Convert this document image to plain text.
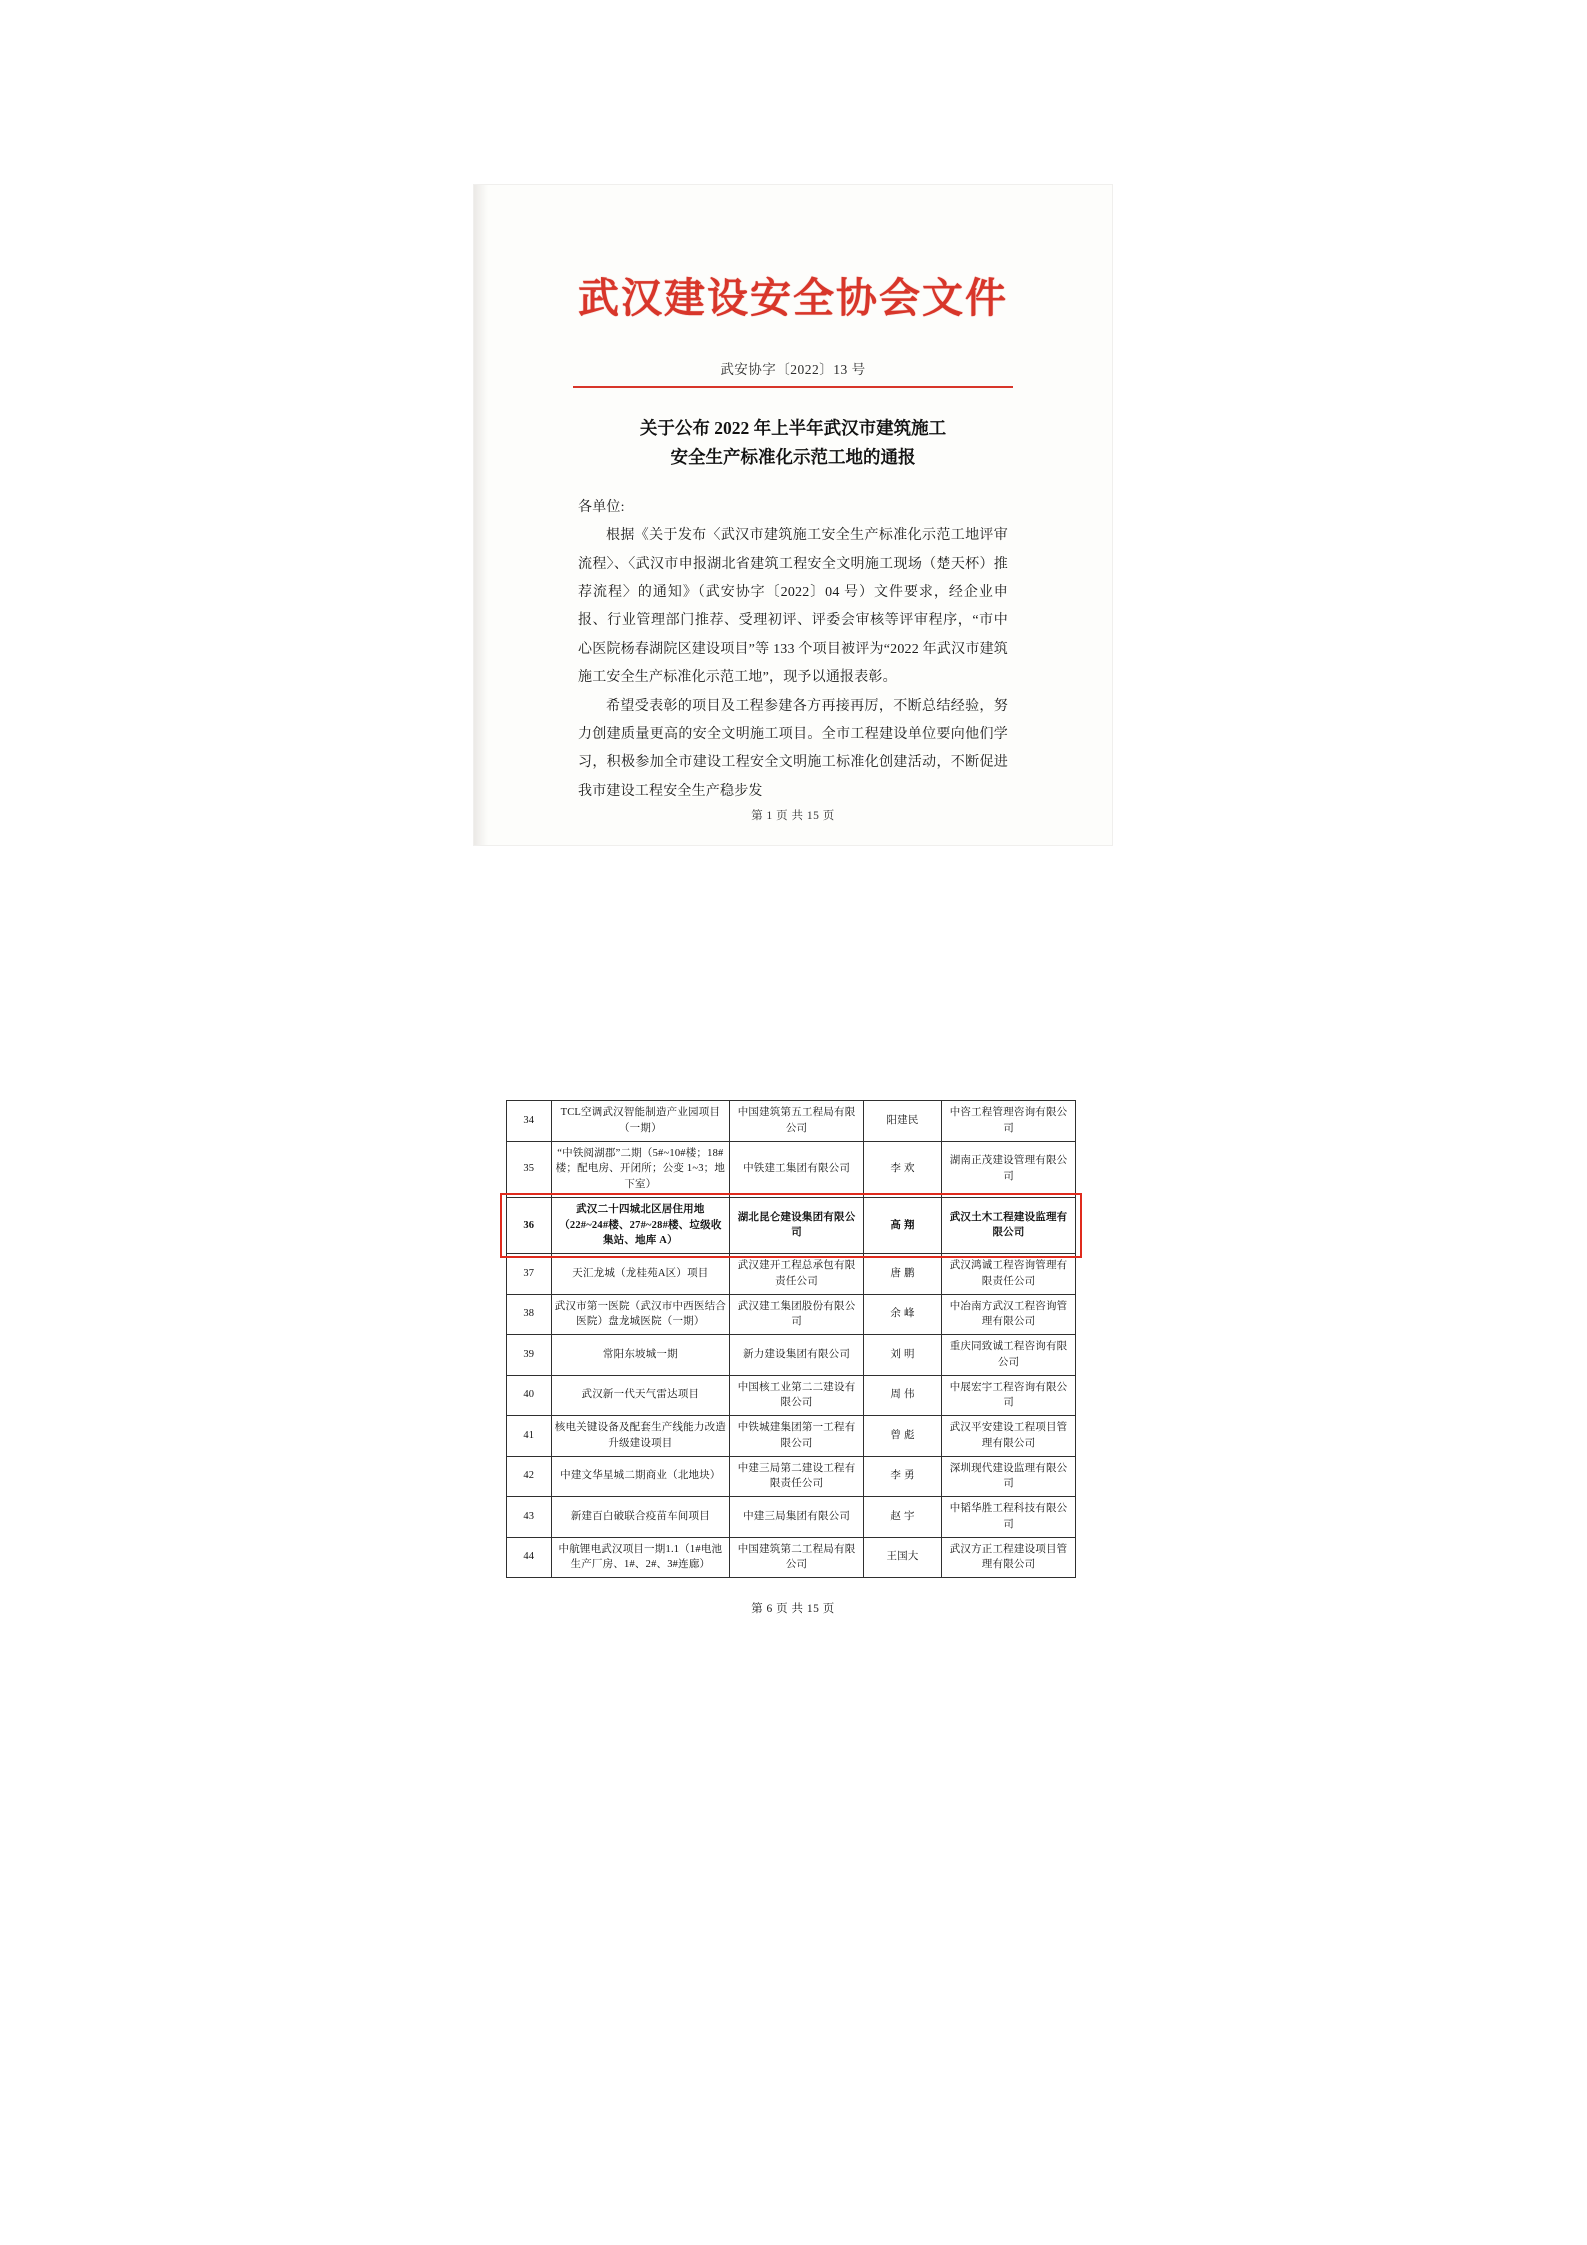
武汉建设安全协会文件
武安协字〔2022〕13 号
关于公布 2022 年上半年武汉市建筑施工
安全生产标准化示范工地的通报

各单位:

根据《关于发布〈武汉市建筑施工安全生产标准化示范工地评审流程〉、〈武汉市申报湖北省建筑工程安全文明施工现场（楚天杯）推荐流程〉的通知》（武安协字〔2022〕04 号）文件要求，经企业申报、行业管理部门推荐、受理初评、评委会审核等评审程序，“市中心医院杨春湖院区建设项目”等 133 个项目被评为“2022 年武汉市建筑施工安全生产标准化示范工地”，现予以通报表彰。

希望受表彰的项目及工程参建各方再接再厉，不断总结经验，努力创建质量更高的安全文明施工项目。全市工程建设单位要向他们学习，积极参加全市建设工程安全文明施工标准化创建活动，不断促进我市建设工程安全生产稳步发

第 1 页 共 15 页
34	TCL空调武汉智能制造产业园项目（一期）	中国建筑第五工程局有限公司	阳建民	中咨工程管理咨询有限公司
35	“中铁阅湖郡”二期（5#~10#楼；18#楼；配电房、开闭所；公变 1~3；地下室）	中铁建工集团有限公司	李 欢	湖南正茂建设管理有限公司
36	武汉二十四城北区居住用地（22#~24#楼、27#~28#楼、垃级收集站、地库 A）	湖北昆仑建设集团有限公司	高 翔	武汉土木工程建设监理有限公司
37	天汇龙城（龙桂苑A区）项目	武汉建开工程总承包有限责任公司	唐 鹏	武汉鸿诚工程咨询管理有限责任公司
38	武汉市第一医院（武汉市中西医结合医院）盘龙城医院（一期）	武汉建工集团股份有限公司	余 峰	中冶南方武汉工程咨询管理有限公司
39	常阳东坡城一期	新力建设集团有限公司	刘 明	重庆同致诚工程咨询有限公司
40	武汉新一代天气雷达项目	中国核工业第二二建设有限公司	周 伟	中展宏宇工程咨询有限公司
41	核电关键设备及配套生产线能力改造升级建设项目	中铁城建集团第一工程有限公司	曾 彪	武汉平安建设工程项目管理有限公司
42	中建文华星城二期商业（北地块）	中建三局第二建设工程有限责任公司	李 勇	深圳现代建设监理有限公司
43	新建百白破联合疫苗车间项目	中建三局集团有限公司	赵 宇	中韬华胜工程科技有限公司
44	中航锂电武汉项目一期1.1（1#电池生产厂房、1#、2#、3#连廊）	中国建筑第二工程局有限公司	王国大	武汉方正工程建设项目管理有限公司
第 6 页 共 15 页
